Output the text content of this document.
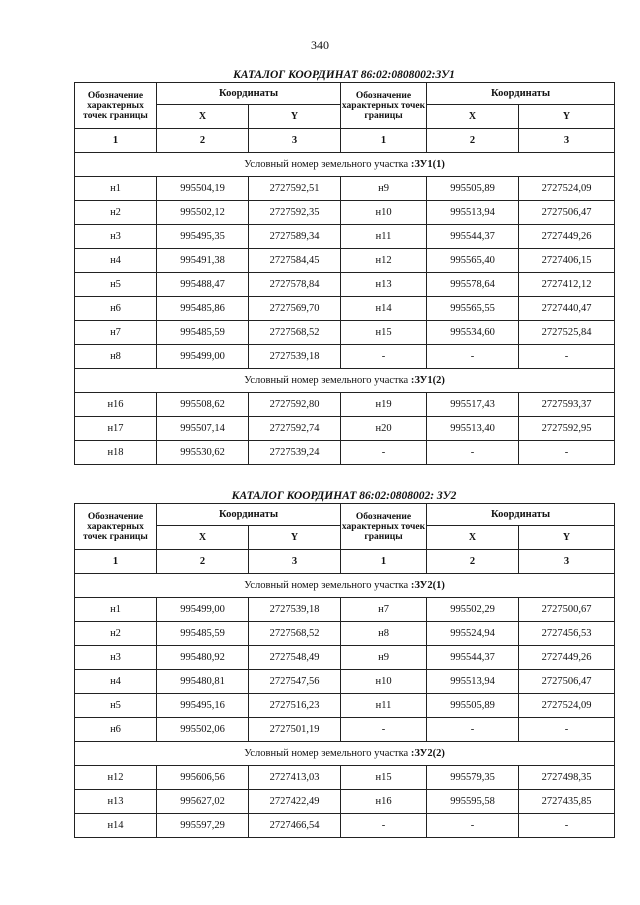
340
КАТАЛОГ КООРДИНАТ 86:02:0808002:ЗУ1
Обозначение характерных точек границы	Координаты		Обозначение характерных точек границы	Координаты	
	X	Y		X	Y
1	2	3	1	2	3
Условный номер земельного участка :ЗУ1(1)					
н1	995504,19	2727592,51	н9	995505,89	2727524,09
н2	995502,12	2727592,35	н10	995513,94	2727506,47
н3	995495,35	2727589,34	н11	995544,37	2727449,26
н4	995491,38	2727584,45	н12	995565,40	2727406,15
н5	995488,47	2727578,84	н13	995578,64	2727412,12
н6	995485,86	2727569,70	н14	995565,55	2727440,47
н7	995485,59	2727568,52	н15	995534,60	2727525,84
н8	995499,00	2727539,18	-	-	-
Условный номер земельного участка :ЗУ1(2)					
н16	995508,62	2727592,80	н19	995517,43	2727593,37
н17	995507,14	2727592,74	н20	995513,40	2727592,95
н18	995530,62	2727539,24	-	-	-
КАТАЛОГ КООРДИНАТ 86:02:0808002: ЗУ2
Обозначение характерных точек границы	Координаты		Обозначение характерных точек границы	Координаты	
	X	Y		X	Y
1	2	3	1	2	3
Условный номер земельного участка :ЗУ2(1)					
н1	995499,00	2727539,18	н7	995502,29	2727500,67
н2	995485,59	2727568,52	н8	995524,94	2727456,53
н3	995480,92	2727548,49	н9	995544,37	2727449,26
н4	995480,81	2727547,56	н10	995513,94	2727506,47
н5	995495,16	2727516,23	н11	995505,89	2727524,09
н6	995502,06	2727501,19	-	-	-
Условный номер земельного участка :ЗУ2(2)					
н12	995606,56	2727413,03	н15	995579,35	2727498,35
н13	995627,02	2727422,49	н16	995595,58	2727435,85
н14	995597,29	2727466,54	-	-	-
